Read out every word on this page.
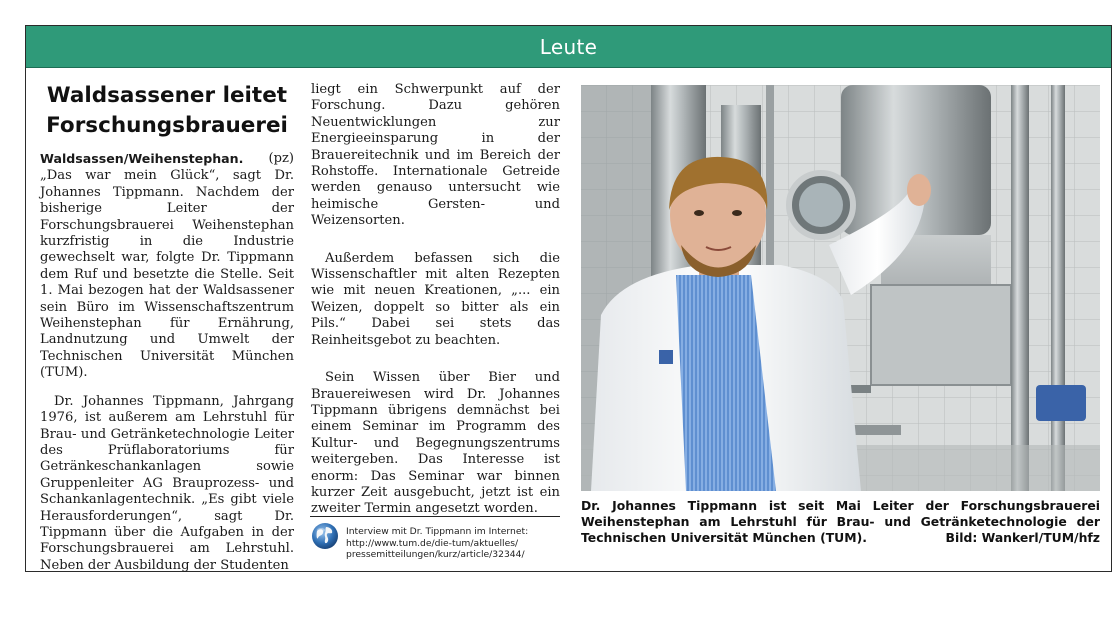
Leute
Waldsassener leitet
Forschungsbrauerei

Waldsassen/Weihenstephan. (pz)

„Das war mein Glück“, sagt Dr. Johannes Tippmann. Nachdem der bisherige Leiter der Forschungsbrauerei Weihenstephan kurzfristig in die Industrie gewechselt war, folgte Dr. Tippmann dem Ruf und besetzte die Stelle. Seit 1. Mai bezogen hat der Waldsassener sein Büro im Wissenschaftszentrum Weihenstephan für Ernährung, Landnutzung und Umwelt der Technischen Universität München (TUM).

Dr. Johannes Tippmann, Jahrgang 1976, ist außerem am Lehrstuhl für Brau- und Getränketechnologie Leiter des Prüflaboratoriums für Getränkeschankanlagen sowie Gruppenleiter AG Brauprozess- und Schankanlagentechnik. „Es gibt viele Herausforderungen“, sagt Dr. Tippmann über die Aufgaben in der Forschungsbrauerei am Lehrstuhl. Neben der Ausbildung der Studenten

liegt ein Schwerpunkt auf der Forschung. Dazu gehören Neuentwicklungen zur Energieeinsparung in der Brauereitechnik und im Bereich der Rohstoffe. Internationale Getreide werden genauso untersucht wie heimische Gersten- und Weizensorten.

Außerdem befassen sich die Wissenschaftler mit alten Rezepten wie mit neuen Kreationen, „... ein Weizen, doppelt so bitter als ein Pils.“ Dabei sei stets das Reinheitsgebot zu beachten.

Sein Wissen über Bier und Brauereiwesen wird Dr. Johannes Tippmann übrigens demnächst bei einem Seminar im Programm des Kultur- und Begegnungszentrums weitergeben. Das Interesse ist enorm: Das Seminar war binnen kurzer Zeit ausgebucht, jetzt ist ein zweiter Termin angesetzt worden.

Interview mit Dr. Tippmann im Internet:
http://www.tum.de/die-tum/aktuelles/
pressemitteilungen/kurz/article/32344/
Dr. Johannes Tippmann ist seit Mai Leiter der Forschungsbrauerei Weihenstephan am Lehrstuhl für Brau- und Getränketechnologie der Technischen Universität München (TUM).	Bild: Wankerl/TUM/hfz
